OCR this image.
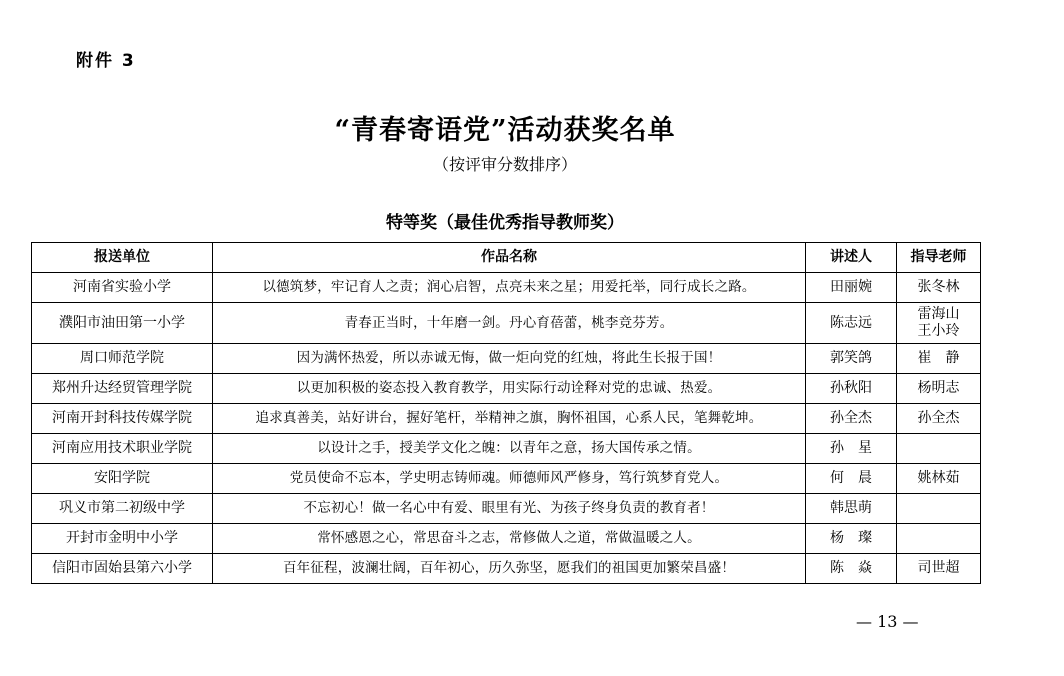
附件 3
“青春寄语党”活动获奖名单
（按评审分数排序）
特等奖（最佳优秀指导教师奖）
报送单位	作品名称	讲述人	指导老师
河南省实验小学	以德筑梦，牢记育人之责；润心启智，点亮未来之星；用爱托举，同行成长之路。	田丽婉	张冬林

濮阳市油田第一小学	青春正当时，十年磨一剑。丹心育蓓蕾，桃李竞芬芳。	陈志远	雷海山
王小玲

周口师范学院	因为满怀热爱，所以赤诚无悔，做一炬向党的红烛，将此生长报于国！	郭笑鸽	崔　静

郑州升达经贸管理学院	以更加积极的姿态投入教育教学，用实际行动诠释对党的忠诚、热爱。	孙秋阳	杨明志

河南开封科技传媒学院	追求真善美，站好讲台，握好笔杆，举精神之旗，胸怀祖国，心系人民，笔舞乾坤。	孙全杰	孙全杰

河南应用技术职业学院	以设计之手，授美学文化之魄：以青年之意，扬大国传承之情。	孙　星	
安阳学院	党员使命不忘本，学史明志铸师魂。师德师风严修身，笃行筑梦育党人。	何　晨	姚林茹

巩义市第二初级中学	不忘初心！做一名心中有爱、眼里有光、为孩子终身负责的教育者！	韩思萌	
开封市金明中小学	常怀感恩之心，常思奋斗之志，常修做人之道，常做温暖之人。	杨　璨	
信阳市固始县第六小学	百年征程，波澜壮阔，百年初心，历久弥坚，愿我们的祖国更加繁荣昌盛！	陈　焱	司世超
— 13 —
